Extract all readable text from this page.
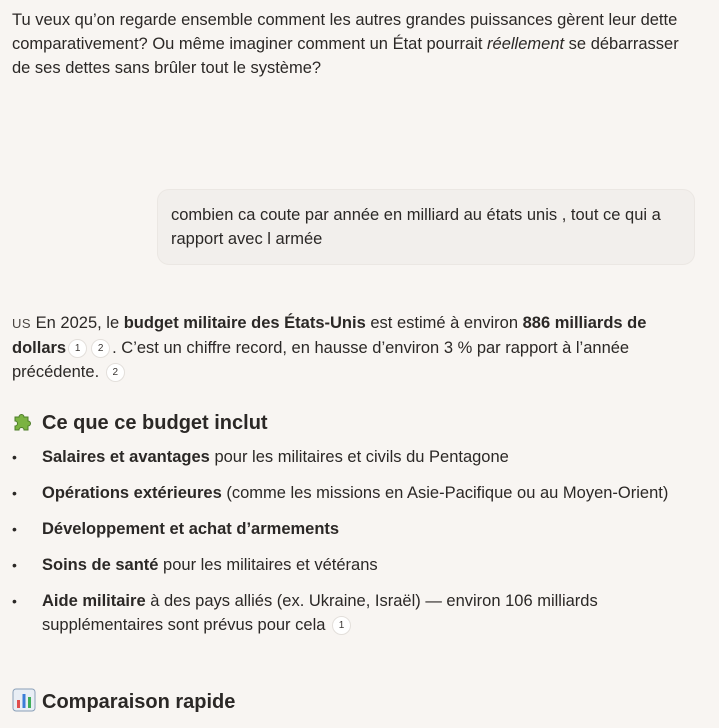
Tu veux qu’on regarde ensemble comment les autres grandes puissances gèrent leur dette comparativement? Ou même imaginer comment un État pourrait réellement se débarrasser de ses dettes sans brûler tout le système?

combien ca coute par année en milliard au états unis , tout ce qui a rapport avec l armée

US En 2025, le budget militaire des États-Unis est estimé à environ 886 milliards de dollars 1 2 . C’est un chiffre record, en hausse d’environ 3 % par rapport à l’année précédente. 2

Ce que ce budget inclut
• Salaires et avantages pour les militaires et civils du Pentagone
• Opérations extérieures (comme les missions en Asie-Pacifique ou au Moyen-Orient)
• Développement et achat d’armements
• Soins de santé pour les militaires et vétérans
• Aide militaire à des pays alliés (ex. Ukraine, Israël) — environ 106 milliards supplémentaires sont prévus pour cela 1
Comparaison rapide
